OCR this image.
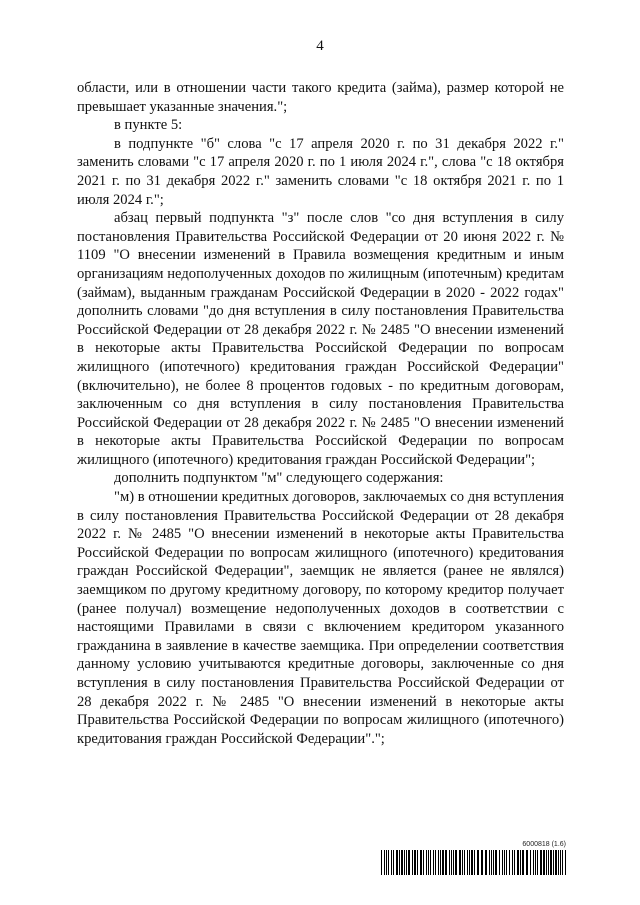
4

области, или в отношении части такого кредита (займа), размер которой не превышает указанные значения.";

в пункте 5:

в подпункте "б" слова "с 17 апреля 2020 г. по 31 декабря 2022 г." заменить словами "с 17 апреля 2020 г. по 1 июля 2024 г.", слова "с 18 октября 2021 г. по 31 декабря 2022 г." заменить словами "с 18 октября 2021 г. по 1 июля 2024 г.";

абзац первый подпункта "з" после слов "со дня вступления в силу постановления Правительства Российской Федерации от 20 июня 2022 г. № 1109 "О внесении изменений в Правила возмещения кредитным и иным организациям недополученных доходов по жилищным (ипотечным) кредитам (займам), выданным гражданам Российской Федерации в 2020 - 2022 годах" дополнить словами "до дня вступления в силу постановления Правительства Российской Федерации от 28 декабря 2022 г. № 2485 "О внесении изменений в некоторые акты Правительства Российской Федерации по вопросам жилищного (ипотечного) кредитования граждан Российской Федерации" (включительно), не более 8 процентов годовых - по кредитным договорам, заключенным со дня вступления в силу постановления Правительства Российской Федерации от 28 декабря 2022 г. № 2485 "О внесении изменений в некоторые акты Правительства Российской Федерации по вопросам жилищного (ипотечного) кредитования граждан Российской Федерации";

дополнить подпунктом "м" следующего содержания:

"м) в отношении кредитных договоров, заключаемых со дня вступления в силу постановления Правительства Российской Федерации от 28 декабря 2022 г. № 2485 "О внесении изменений в некоторые акты Правительства Российской Федерации по вопросам жилищного (ипотечного) кредитования граждан Российской Федерации", заемщик не является (ранее не являлся) заемщиком по другому кредитному договору, по которому кредитор получает (ранее получал) возмещение недополученных доходов в соответствии с настоящими Правилами в связи с включением кредитором указанного гражданина в заявление в качестве заемщика. При определении соответствия данному условию учитываются кредитные договоры, заключенные со дня вступления в силу постановления Правительства Российской Федерации от 28 декабря 2022 г. № 2485 "О внесении изменений в некоторые акты Правительства Российской Федерации по вопросам жилищного (ипотечного) кредитования граждан Российской Федерации".";

6000818 (1.6)
